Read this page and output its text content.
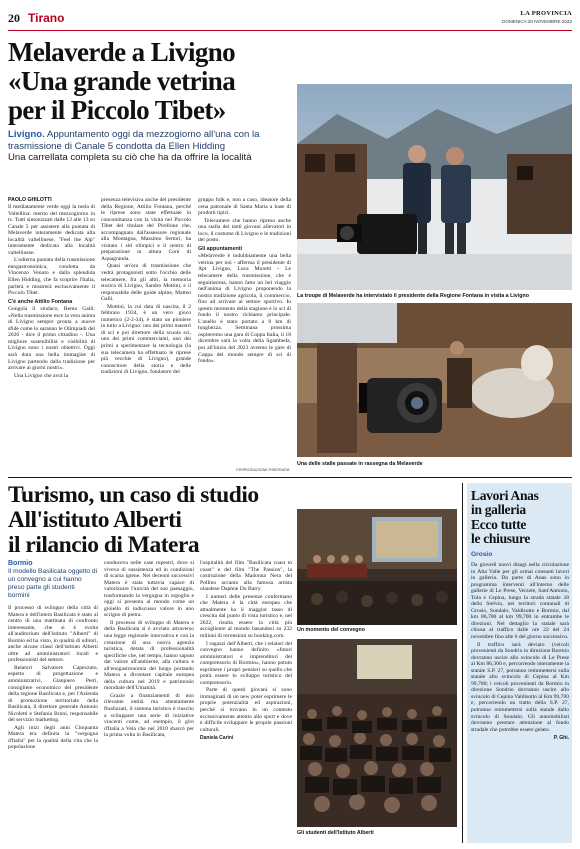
20 Tirano	LA PROVINCIA
DOMENICA 20 NOVEMBRE 2022
Melaverde a Livigno
«Una grande vetrina
per il Piccolo Tibet»
Livigno. Appuntamento oggi da mezzogiorno all'una con la trasmissione di Canale 5 condotta da Ellen Hidding
Una carrellata completa su ciò che ha da offrire la località
PAOLO GHILOTTI

Il mediatamente verde oggi la mela di Valtellina: merito del mezzogiorno in tv. Tutti sintonizzati dalle 12 alle 13 su Canale 5 per assistere alla puntata di Melaverde interamente dedicata alla località valtellinese, "Feel the Alp" interamente dedicata alla località valtellinese.

L'odierna puntata della trasmissione enogastronomica, condotta da Vincenzo Venuto e dalla splendida Ellen Hidding, che fa scoprire l'Italia, parlerà e mostrerà esclusivamente il Piccolo Tibet.

C'è anche Attilio Fontana

Gongola il sindaco, Remo Galli: «Nella trasmissione esce la vera anima di Livigno sempre pronta a nuove sfide come lo saranno le Olimpiadi del 2026 - dice il primo cittadino -. Una migliore sostenibilità e visibilità di Livigno sono i nostri obiettivi. Oggi sarà data una bella immagine di Livigno partendo dalla tradizione per arrivare ai giorni nostri».

Una Livigno che avrà la

presenza televisiva anche del presidente della Regione, Attilio Fontana, perché le riprese sono state effettuate in concomitanza con la visita nel Piccolo Tibet del titolare del Pirellone che, accompagnato dall'assessore regionale alla Montagna, Massimo Sertori, ha visitato i siti olimpici e il centro di preparazione in altura Coni di Aquagranda.

Quasi un'ora di trasmissione che vedrà protagonisti sotto l'occhio delle telecamere, fra gli altri, la memoria storica di Livigno, Sandro Mottini, e il responsabile delle guide alpine, Matteo Galli.

Mottini, la cui data di nascita, il 2 febbraio 1934, è un vero gioco numerico (2-2-34), è stato un pioniere in tutto a Livigno: uno dei primi maestri di sci e poi direttore della scuola sci, uno dei primi commercianti, uno dei primi a sperimentare la tecnologia (la sua telecamera ha effettuato le riprese più vecchie di Livigno), grande conoscitore della storia e delle tradizioni di Livigno, fondatore del

gruppo folk e, non a caso, ideatore della cena patronale di Santa Maria a base di prodotti tipici.

Telecamere che hanno ripreso anche una stalla dei tanti giovani allevatori in loco, il costume di Livigno e le tradizioni del posto.

Gli appuntamenti

«Melaverde è indubbiamente una bella vetrina per noi - afferma il presidente di Apt Livigno, Luca Moretti - Le telecamere della trasmissione, che è seguitissima, hanno fatto un bel viaggio nell'anima di Livigno proponendo la nostra tradizione agricola, il commercio, fino ad arrivare ai settore sportivo. In questo momento della stagione è lo sci di fondo il nostro richiamo principale. L'anello è stato portato a 8 km di lunghezza. Settimana prossima ospiteremo una gara di Coppa Italia, il 18 dicembre sarà la volta della Sgambeda, poi all'inizio del 2023 avremo le gare di Coppa del mondo sempre di sci di fondo».

La troupe di Melaverde ha intervistato il presidente della Regione Fontana in visita a Livigno
©RIPRODUZIONE RISERVATA
Una delle stalle passate in rassegna da Melaverde
Turismo, un caso di studio
All'istituto Alberti
il rilancio di Matera
Bormio
Il modello Basilicata oggetto di un convegno a cui hanno preso parte gli studenti bormini

Il processo di sviluppo della città di Matera e dell'intera Basilicata è stato al centro di una mattinata di confronto interessante, che si è svolta all'auditorium dell'istituto "Alberti" di Bormio ed ha visto, in qualità di uditori, anche alcune classi dell'istituto Alberti oltre ad amministratori locali e professionisti del settore.

Relatori Salvatore Capezzuto, esperto di progettazione e amministrativi, Gianpiero Perri, consigliere economico del presidente della regione Basilicata e, per l'Azienda di promozione territoriale della Basilicata, il direttore generale Antonio Nicoletti e Stefania Bruni, responsabile del servizio marketing.

Agli inizi degli anni Cinquanta Matera era definita la "vergogna d'Italia" per la qualità della vita che la popolazione

conduceva nelle case rupestri, dove si viveva di sussistenza ed in condizioni di scarsa igiene. Nei decenni successivi Matera è stata tuttavia capace di valorizzare l'unicità del suo paesaggio, trasformando la vergogna in orgoglio e oggi si presenta al mondo come un gioiello di indiscusso valore in uno scrigno di pietra.

Il processo di sviluppo di Matera e della Basilicata si è avviato attraverso una legge regionale innovativa e con la creazione di una nuova agenzia turistica, dotata di professionalità specifiche che, nel tempo, hanno saputo dar valore all'ambiente, alla cultura e all'enogastronomia del luogo portando Matera a diventare capitale europea della cultura nel 2019 e patrimonio mondiale dell'Umanità.

Grazie a finanziamenti di non rilevante entità ma attentamente finalizzati, il sistema turistico è riuscito a sviluppare una serie di iniziative vincenti come, ad esempio, il giro d'Italia a Vela che nel 2010 sbarcò per la prima volta in Basilicata,

l'ospitalità del film "Basilicata coast to coast" e del film "The Passion", la costruzione della Madonna Nera del Pollino accanto alla famosa artista olandese Daphne Du Barry.

I numeri delle presenze confermano che Matera è la città europea che attualmente ha il maggior tasso di crescita dal punto di vista turistico e, nel 2022, risulta essere la città più accogliente al mondo basandosi su 232 milioni di recensioni su booking.com.

I ragazzi dell'Alberti, che i relatori del convegno hanno definito «futuri amministratori e imprenditori del comprensorio di Bormio», hanno potuto esprimere i propri pensieri su quello che potrà essere lo sviluppo turistico del comprensorio.

Parte di questi giovani si sono immaginati di un new poter esprimere le proprie potenzialità ed aspirazioni, perché si trovano in un contesto eccessivamente attento allo sport e dove è difficile sviluppare le proprie passioni culturali.

Daniela Carini

Un momento del convegno
Gli studenti dell'Istituto Alberti
Lavori Anas
in galleria
Ecco tutte
le chiusure
Grosio

Da giovedì nuovi disagi nella circolazione in Alta Valle per gli ormai consueti lavori in galleria. Da parte di Anas sono in programma interventi all'interno delle gallerie di Le Prese, Verzele, Sant'Antonio, Tola e Cepina, lungo la strada statale 38 dello Stelvio, nei territori comunali di Grosio, Sondalo, Valdisotto e Bormio, dal km 86,700 al km 99,700 in entrambe le direzioni. Nel dettaglio la statale sarà chiusa al traffico dalle ore 22 del 24 novembre fino alle 6 del giorno successivo.

Il traffico sarà deviato (veicoli provenienti da Sondrio in direzione Bormio dovranno uscire allo svincolo di Le Prese al Km 86,300 e, percorrendo interamente la statale S.P. 27, potranno reimmettersi sulla statale allo svincolo di Cepina al Km 99,700; i veicoli provenienti da Bormio in direzione Sondrio dovranno uscire allo svincolo di Cepina Valdisotto al Km 99,700 e, percorrendo un tratto della S.P. 27, potranno reimmettersi sulla statale dallo svincolo di Sondalo. Gli automobilisti dovranno prestare attenzione al fondo stradale che potrebbe essere gelato.

P. Ghi.
